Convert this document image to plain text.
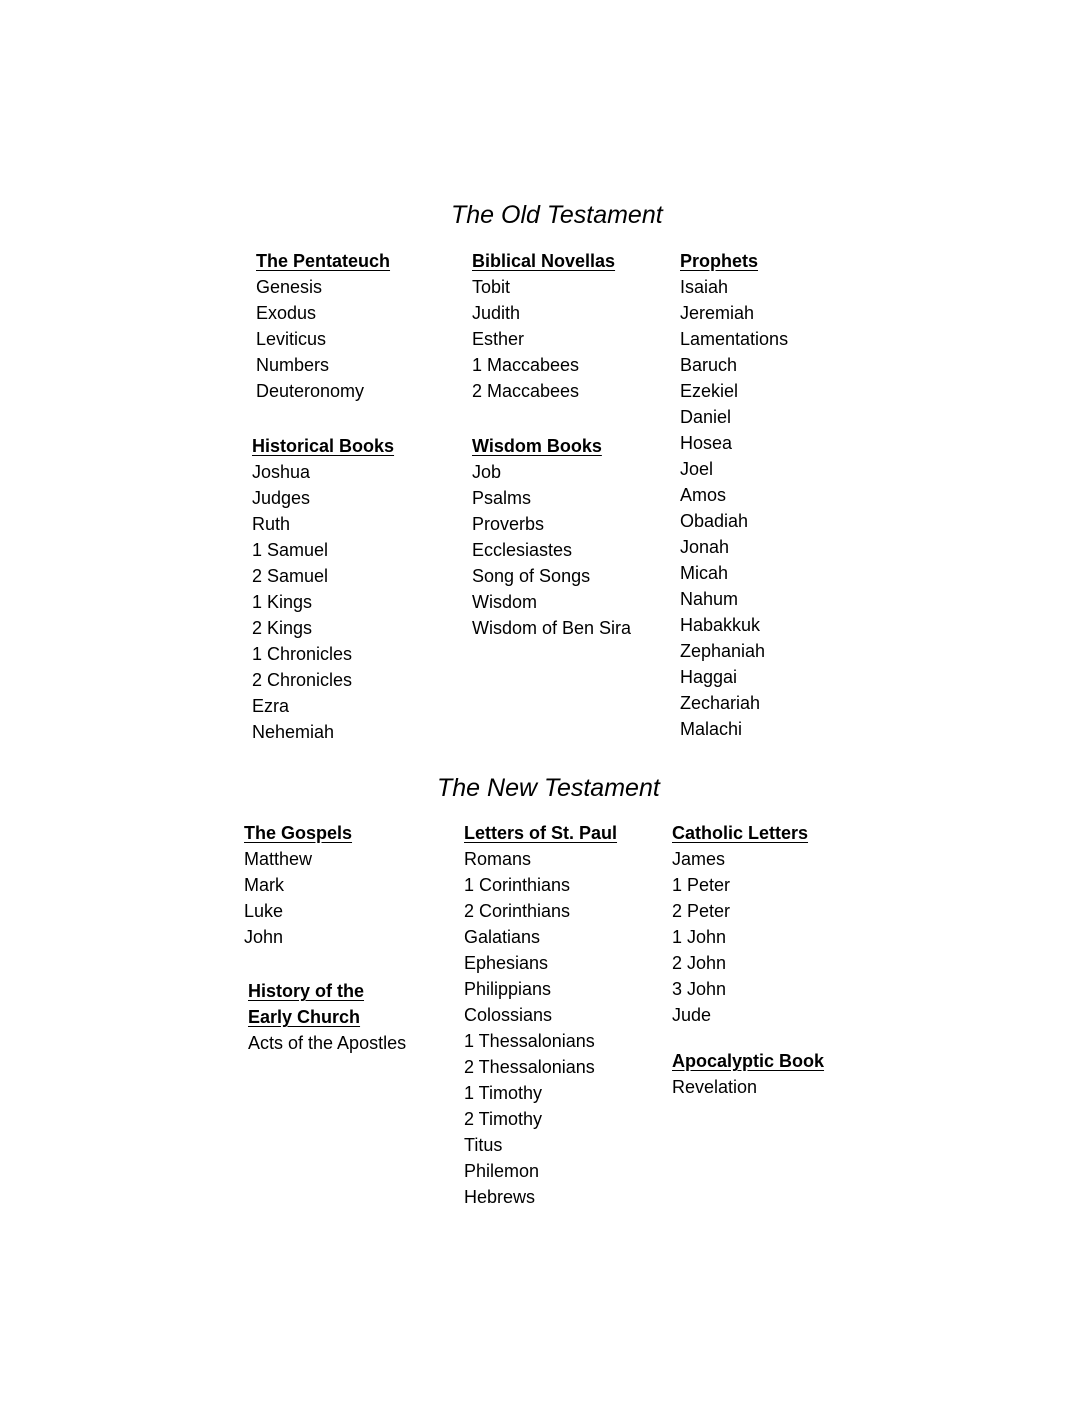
The Old Testament
The Pentateuch
Genesis
Exodus
Leviticus
Numbers
Deuteronomy
Historical Books
Joshua
Judges
Ruth
1 Samuel
2 Samuel
1 Kings
2 Kings
1 Chronicles
2 Chronicles
Ezra
Nehemiah
Biblical Novellas
Tobit
Judith
Esther
1 Maccabees
2 Maccabees
Wisdom Books
Job
Psalms
Proverbs
Ecclesiastes
Song of Songs
Wisdom
Wisdom of Ben Sira
Prophets
Isaiah
Jeremiah
Lamentations
Baruch
Ezekiel
Daniel
Hosea
Joel
Amos
Obadiah
Jonah
Micah
Nahum
Habakkuk
Zephaniah
Haggai
Zechariah
Malachi
The New Testament
The Gospels
Matthew
Mark
Luke
John
History of the
Early Church
Acts of the Apostles
Letters of St. Paul
Romans
1 Corinthians
2 Corinthians
Galatians
Ephesians
Philippians
Colossians
1 Thessalonians
2 Thessalonians
1 Timothy
2 Timothy
Titus
Philemon
Hebrews
Catholic Letters
James
1 Peter
2 Peter
1 John
2 John
3 John
Jude
Apocalyptic Book
Revelation
